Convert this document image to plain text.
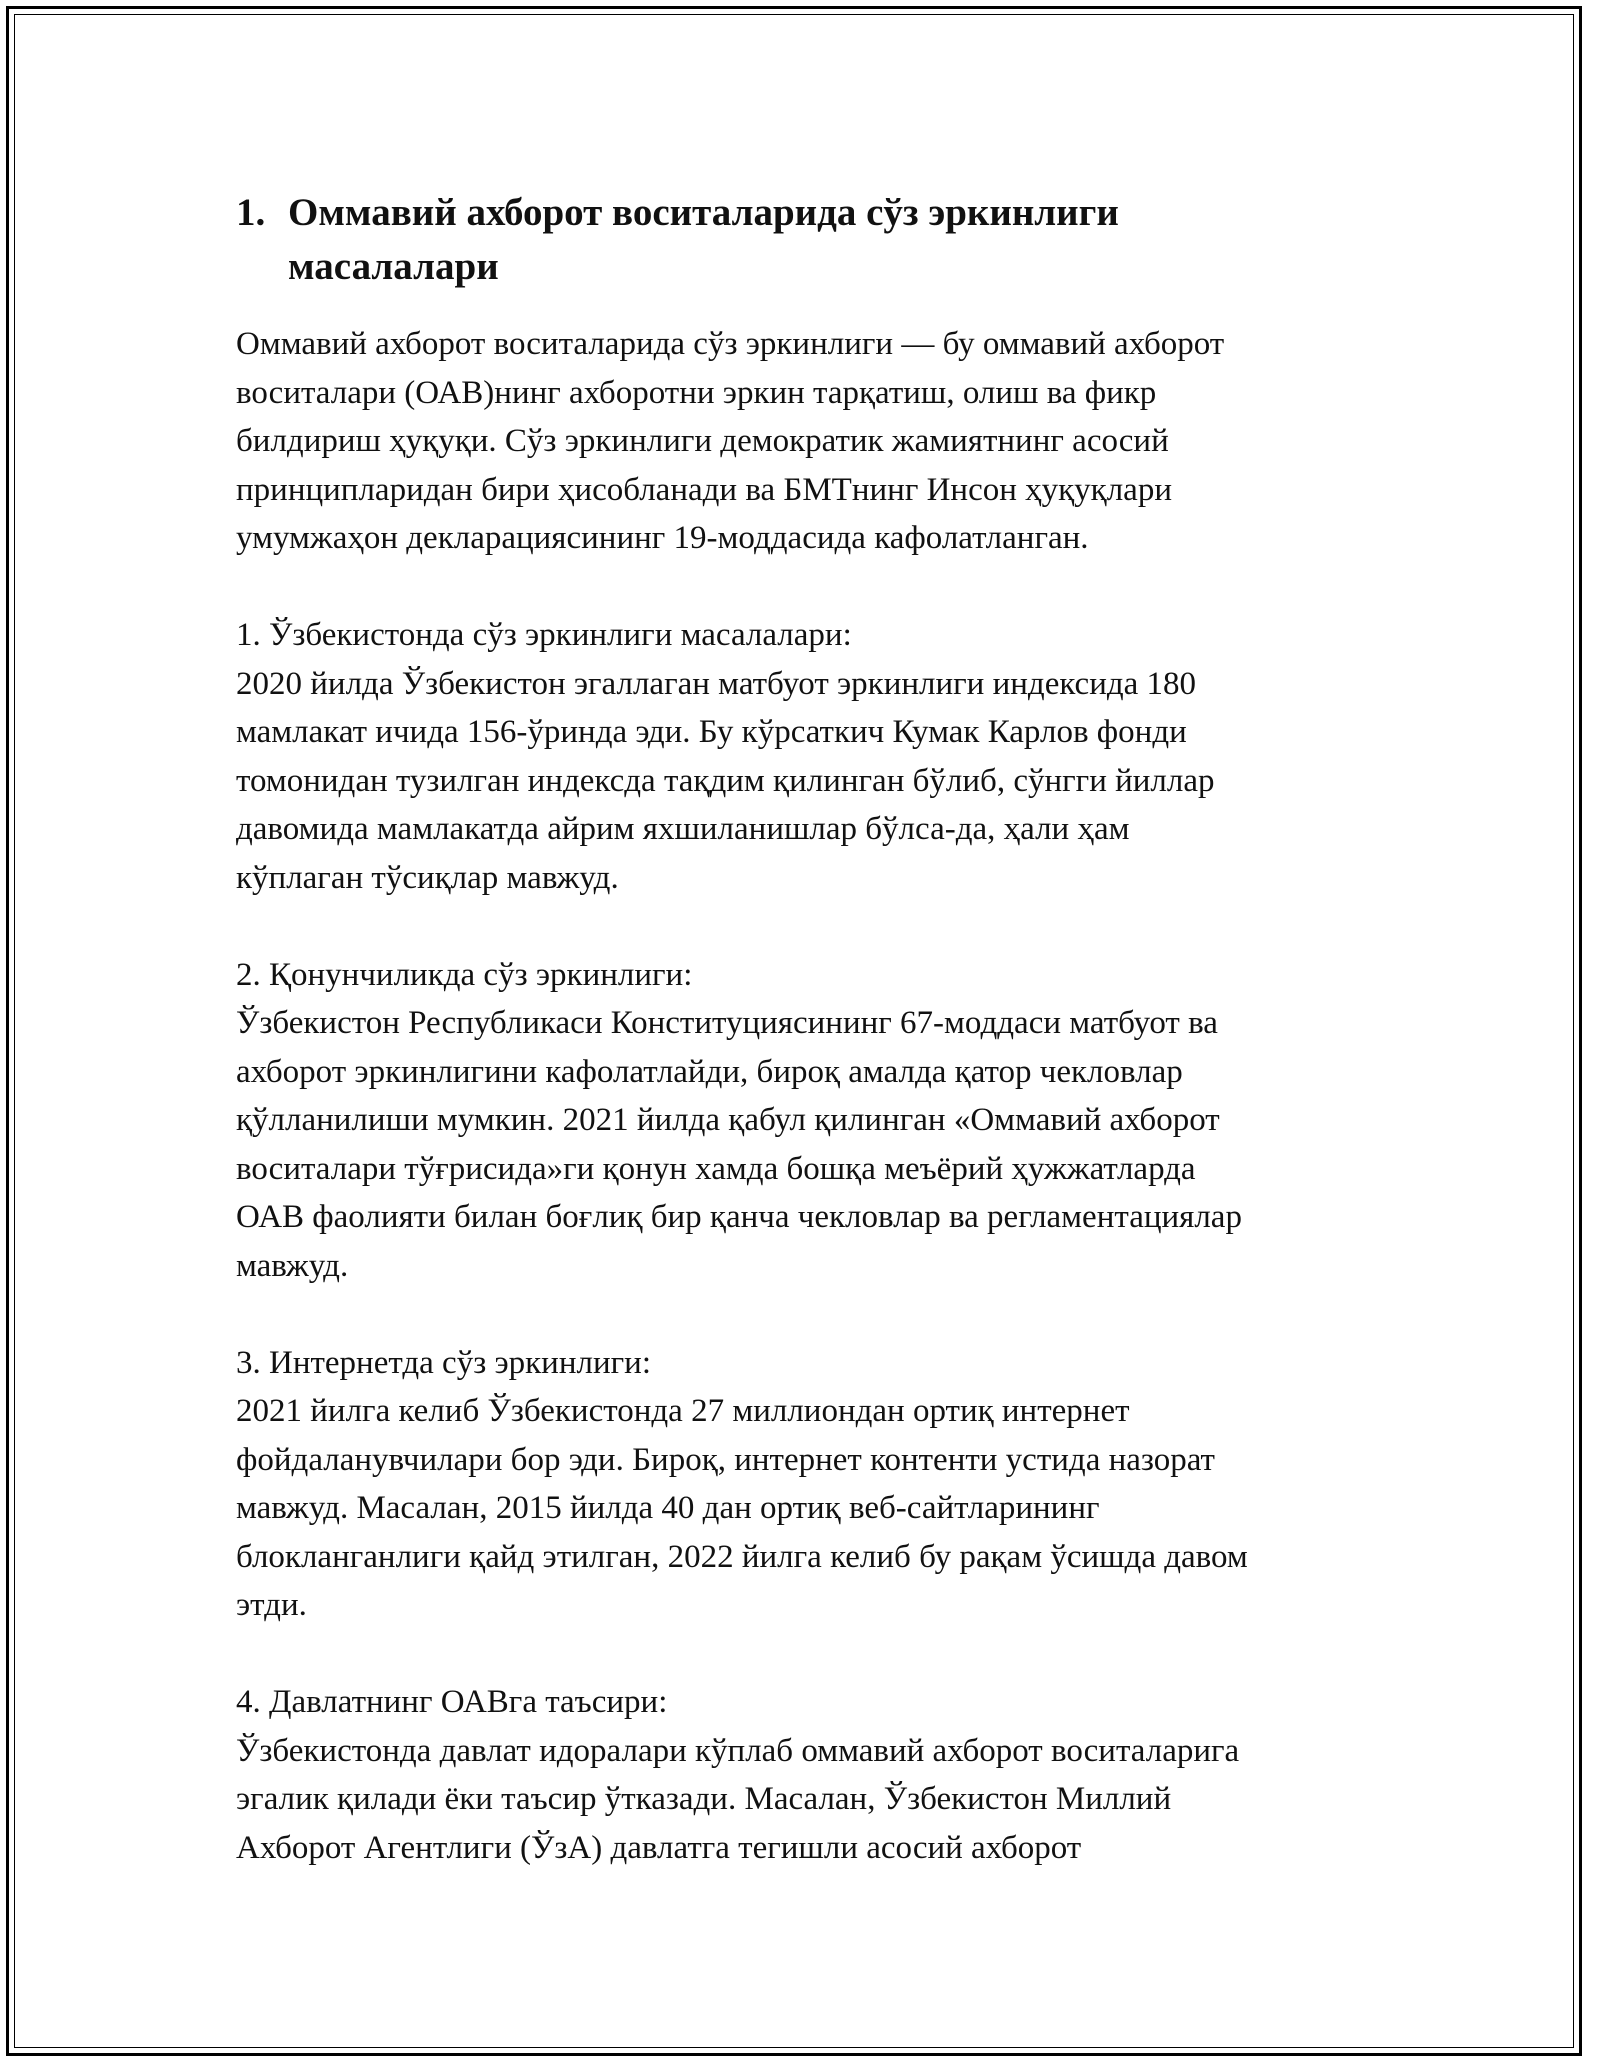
1. Оммавий ахборот воситаларида сўз эркинлиги
масалалари

Оммавий ахборот воситаларида сўз эркинлиги — бу оммавий ахборот
воситалари (ОАВ)нинг ахборотни эркин тарқатиш, олиш ва фикр
билдириш ҳуқуқи. Сўз эркинлиги демократик жамиятнинг асосий
принципларидан бири ҳисобланади ва БМТнинг Инсон ҳуқуқлари
умумжаҳон декларациясининг 19-моддасида кафолатланган.

1. Ўзбекистонда сўз эркинлиги масалалари:
2020 йилда Ўзбекистон эгаллаган матбуот эркинлиги индексида 180
мамлакат ичида 156-ўринда эди. Бу кўрсаткич Кумак Карлов фонди
томонидан тузилган индексда тақдим қилинган бўлиб, сўнгги йиллар
давомида мамлакатда айрим яхшиланишлар бўлса-да, ҳали ҳам
кўплаган тўсиқлар мавжуд.

2. Қонунчиликда сўз эркинлиги:
Ўзбекистон Республикаси Конституциясининг 67-моддаси матбуот ва
ахборот эркинлигини кафолатлайди, бироқ амалда қатор чекловлар
қўлланилиши мумкин. 2021 йилда қабул қилинган «Оммавий ахборот
воситалари тўғрисида»ги қонун хамда бошқа меъёрий ҳужжатларда
ОАВ фаолияти билан боғлиқ бир қанча чекловлар ва регламентациялар
мавжуд.

3. Интернетда сўз эркинлиги:
2021 йилга келиб Ўзбекистонда 27 миллиондан ортиқ интернет
фойдаланувчилари бор эди. Бироқ, интернет контенти устида назорат
мавжуд. Масалан, 2015 йилда 40 дан ортиқ веб-сайтларининг
блокланганлиги қайд этилган, 2022 йилга келиб бу рақам ўсишда давом
этди.

4. Давлатнинг ОАВга таъсири:
Ўзбекистонда давлат идоралари кўплаб оммавий ахборот воситаларига
эгалик қилади ёки таъсир ўтказади. Масалан, Ўзбекистон Миллий
Ахборот Агентлиги (ЎзА) давлатга тегишли асосий ахборот
